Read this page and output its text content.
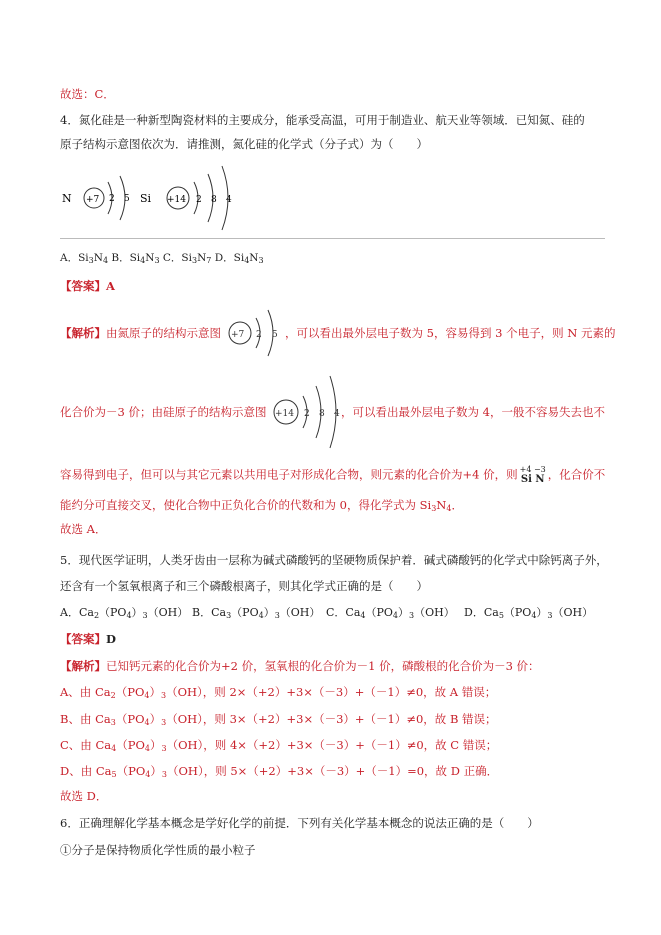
故选：C．
4．氮化硅是一种新型陶瓷材料的主要成分，能承受高温，可用于制造业、航天业等领域．已知氮、硅的
原子结构示意图依次为．请推测，氮化硅的化学式（分子式）为（　　）
N +7 2 5 Si +14 2 8 4
A．$Si_3N_4$ B．$Si_4N_3$ C．$Si_3N_7$ D．$Si_4N_3$
【答案】A
【解析】由氮原子的结构示意图 +7 2 5 ，可以看出最外层电子数为 5，容易得到 3 个电子，则 N 元素的
化合价为－3 价；由硅原子的结构示意图 +14 2 8 4 ，可以看出最外层电子数为 4，一般不容易失去也不
容易得到电子，但可以与其它元素以共用电子对形成化合物，则元素的化合价为+4 价，则 +4 −3
Si N ，化合价不
能约分可直接交叉，使化合物中正负化合价的代数和为 0，得化学式为 $Si_3N_4$．
故选 A．
5．现代医学证明，人类牙齿由一层称为碱式磷酸钙的坚硬物质保护着．碱式磷酸钙的化学式中除钙离子外，
还含有一个氢氧根离子和三个磷酸根离子，则其化学式正确的是（　　）
A．$Ca_2(PO_4)_3(OH)$ B．$Ca_3(PO_4)_3(OH)$ C．$Ca_4(PO_4)_3(OH)$ D．$Ca_5(PO_4)_3(OH)$
【答案】D
【解析】已知钙元素的化合价为+2 价，氢氧根的化合价为－1 价，磷酸根的化合价为－3 价：
A、由 $Ca_2(PO_4)_3(OH)$，则 2×（+2）+3×（－3）+（－1）≠0，故 A 错误；
B、由 $Ca_3(PO_4)_3(OH)$，则 3×（+2）+3×（－3）+（－1）≠0，故 B 错误；
C、由 $Ca_4(PO_4)_3(OH)$，则 4×（+2）+3×（－3）+（－1）≠0，故 C 错误；
D、由 $Ca_5(PO_4)_3(OH)$，则 5×（+2）+3×（－3）+（－1）=0，故 D 正确．
故选 D．
6．正确理解化学基本概念是学好化学的前提．下列有关化学基本概念的说法正确的是（　　）
①分子是保持物质化学性质的最小粒子
